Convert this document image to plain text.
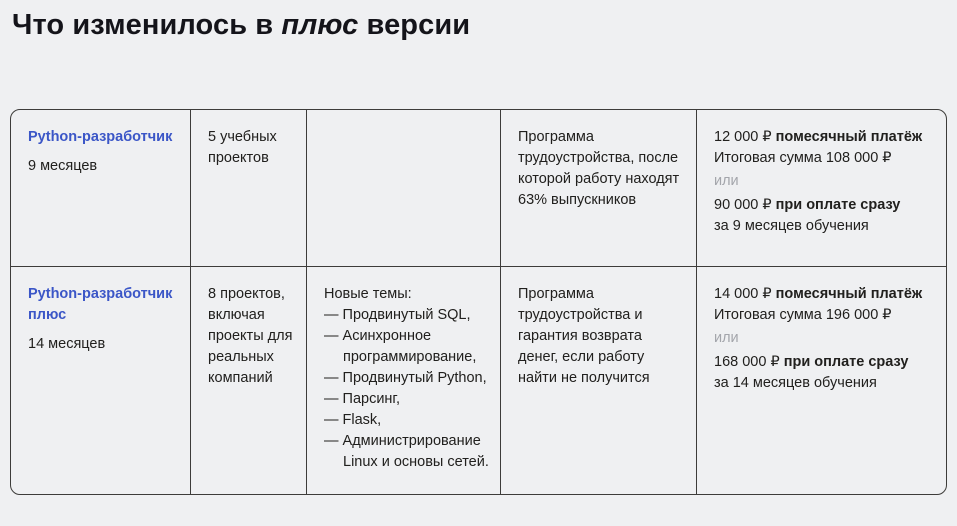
Что изменилось в плюс версии
Python-разработчик
9 месяцев
5 учебных проектов
Программа трудоустройства, после которой работу находят 63% выпускников
12 000 ₽ помесячный платёж
Итоговая сумма 108 000 ₽
или
90 000 ₽ при оплате сразу
за 9 месяцев обучения
Python-разработчик плюс
14 месяцев
8 проектов, включая проекты для реальных компаний
Новые темы:
— Продвинутый SQL,
— Асинхронное программирование,
— Продвинутый Python,
— Парсинг,
— Flask,
— Администрирование Linux и основы сетей.
Программа трудоустройства и гарантия возврата денег, если работу найти не получится
14 000 ₽ помесячный платёж
Итоговая сумма 196 000 ₽
или
168 000 ₽ при оплате сразу
за 14 месяцев обучения
